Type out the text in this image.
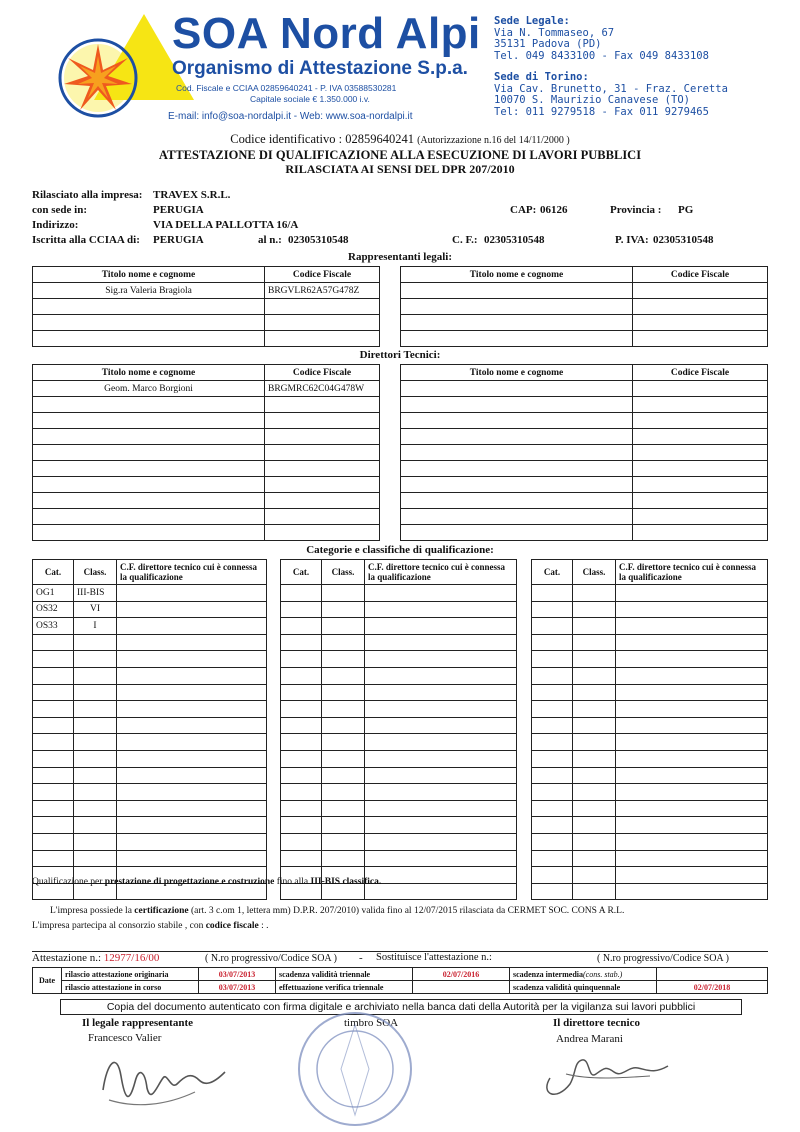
SOA Nord Alpi
Organismo di Attestazione S.p.a.
Cod. Fiscale e CCIAA 02859640241 - P. IVA 03588530281
Capitale sociale € 1.350.000 i.v.
E-mail: info@soa-nordalpi.it - Web: www.soa-nordalpi.it
Sede Legale:
Via N. Tommaseo, 67
35131 Padova (PD)
Tel. 049 8433100 - Fax 049 8433108
Sede di Torino:
Via Cav. Brunetto, 31 - Fraz. Ceretta
10070 S. Maurizio Canavese (TO)
Tel: 011 9279518 - Fax 011 9279465
Codice identificativo : 02859640241 (Autorizzazione n.16 del 14/11/2000 )
ATTESTAZIONE DI QUALIFICAZIONE ALLA ESECUZIONE DI LAVORI PUBBLICI
RILASCIATA AI SENSI DEL DPR 207/2010
Rilasciato alla impresa: TRAVEX S.R.L.
con sede in:	PERUGIA	CAP: 06126	Provincia : PG
Indirizzo:	VIA DELLA PALLOTTA 16/A
Iscritta alla CCIAA di: PERUGIA	al n.: 02305310548	C. F.: 02305310548	P. IVA: 02305310548
Rappresentanti legali:
Titolo nome e cognome	Codice Fiscale
Sig.ra Valeria Bragiola	BRGVLR62A57G478Z

Titolo nome e cognome	Codice Fiscale

Direttori Tecnici:
Titolo nome e cognome	Codice Fiscale
Geom. Marco Borgioni	BRGMRC62C04G478W

Titolo nome e cognome	Codice Fiscale

Categorie e classifiche di qualificazione:
Cat.	Class.	C.F. direttore tecnico cui è connessa la qualificazione
OG1	III-BIS	
OS32	VI	
OS33	I	

Cat.	Class.	C.F. direttore tecnico cui è connessa la qualificazione

			Cat.	Class.	C.F. direttore tecnico cui è connessa la qualificazione

Qualificazione per prestazione di progettazione e costruzione fino alla III-BIS classifica.
L'impresa possiede la certificazione (art. 3 c.om 1, lettera mm) D.P.R. 207/2010) valida fino al 12/07/2015 rilasciata da CERMET SOC. CONS A R.L.
L'impresa partecipa al consorzio stabile , con codice fiscale : .
Attestazione n.: 12977/16/00	( N.ro progressivo/Codice SOA ) - Sostituisce l'attestazione n.:	( N.ro progressivo/Codice SOA )
Date	rilascio attestazione originaria	03/07/2013	scadenza validità triennale	02/07/2016	scadenza intermedia(cons. stab.)	
	rilascio attestazione in corso	03/07/2013	effettuazione verifica triennale		scadenza validità quinquennale	02/07/2018
Copia del documento autenticato con firma digitale e archiviato nella banca dati della Autorità per la vigilanza sui lavori pubblici
Il legale rappresentante
Francesco Valier
timbro SOA	Il direttore tecnico
Andrea Marani
